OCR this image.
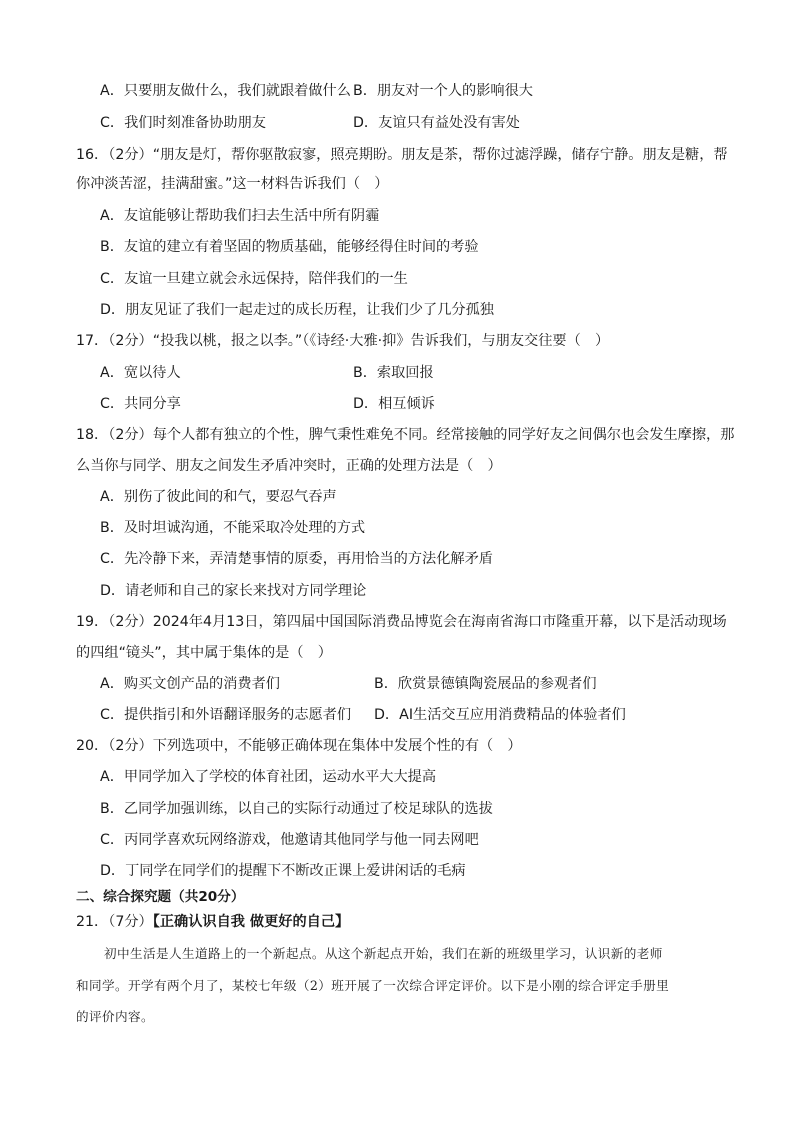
A．只要朋友做什么，我们就跟着做什么 B．朋友对一个人的影响很大
C．我们时刻准备协助朋友	D．友谊只有益处没有害处
16．（2分）“朋友是灯，帮你驱散寂寥，照亮期盼。朋友是茶，帮你过滤浮躁，储存宁静。朋友是糖，帮
你冲淡苦涩，挂满甜蜜。”这一材料告诉我们（　）
A．友谊能够让帮助我们扫去生活中所有阴霾
B．友谊的建立有着坚固的物质基础，能够经得住时间的考验
C．友谊一旦建立就会永远保持，陪伴我们的一生
D．朋友见证了我们一起走过的成长历程，让我们少了几分孤独
17．（2分）“投我以桃，报之以李。”（《诗经·大雅·抑》告诉我们，与朋友交往要（　）
A．宽以待人	B．索取回报
C．共同分享	D．相互倾诉
18．（2分）每个人都有独立的个性，脾气秉性难免不同。经常接触的同学好友之间偶尔也会发生摩擦，那
么当你与同学、朋友之间发生矛盾冲突时，正确的处理方法是（　）
A．别伤了彼此间的和气，要忍气吞声
B．及时坦诚沟通，不能采取冷处理的方式
C．先冷静下来，弄清楚事情的原委，再用恰当的方法化解矛盾
D．请老师和自己的家长来找对方同学理论
19．（2分）2024年4月13日，第四届中国国际消费品博览会在海南省海口市隆重开幕，以下是活动现场
的四组“镜头”，其中属于集体的是（　）
A．购买文创产品的消费者们	B．欣赏景德镇陶瓷展品的参观者们
C．提供指引和外语翻译服务的志愿者们 D．AI生活交互应用消费精品的体验者们
20．（2分）下列选项中，不能够正确体现在集体中发展个性的有（　）
A．甲同学加入了学校的体育社团，运动水平大大提高
B．乙同学加强训练，以自己的实际行动通过了校足球队的选拔
C．丙同学喜欢玩网络游戏，他邀请其他同学与他一同去网吧
D．丁同学在同学们的提醒下不断改正课上爱讲闲话的毛病
二、综合探究题（共20分）
21．（7分）【正确认识自我 做更好的自己】
初中生活是人生道路上的一个新起点。从这个新起点开始，我们在新的班级里学习，认识新的老师
和同学。开学有两个月了，某校七年级（2）班开展了一次综合评定评价。以下是小刚的综合评定手册里
的评价内容。
